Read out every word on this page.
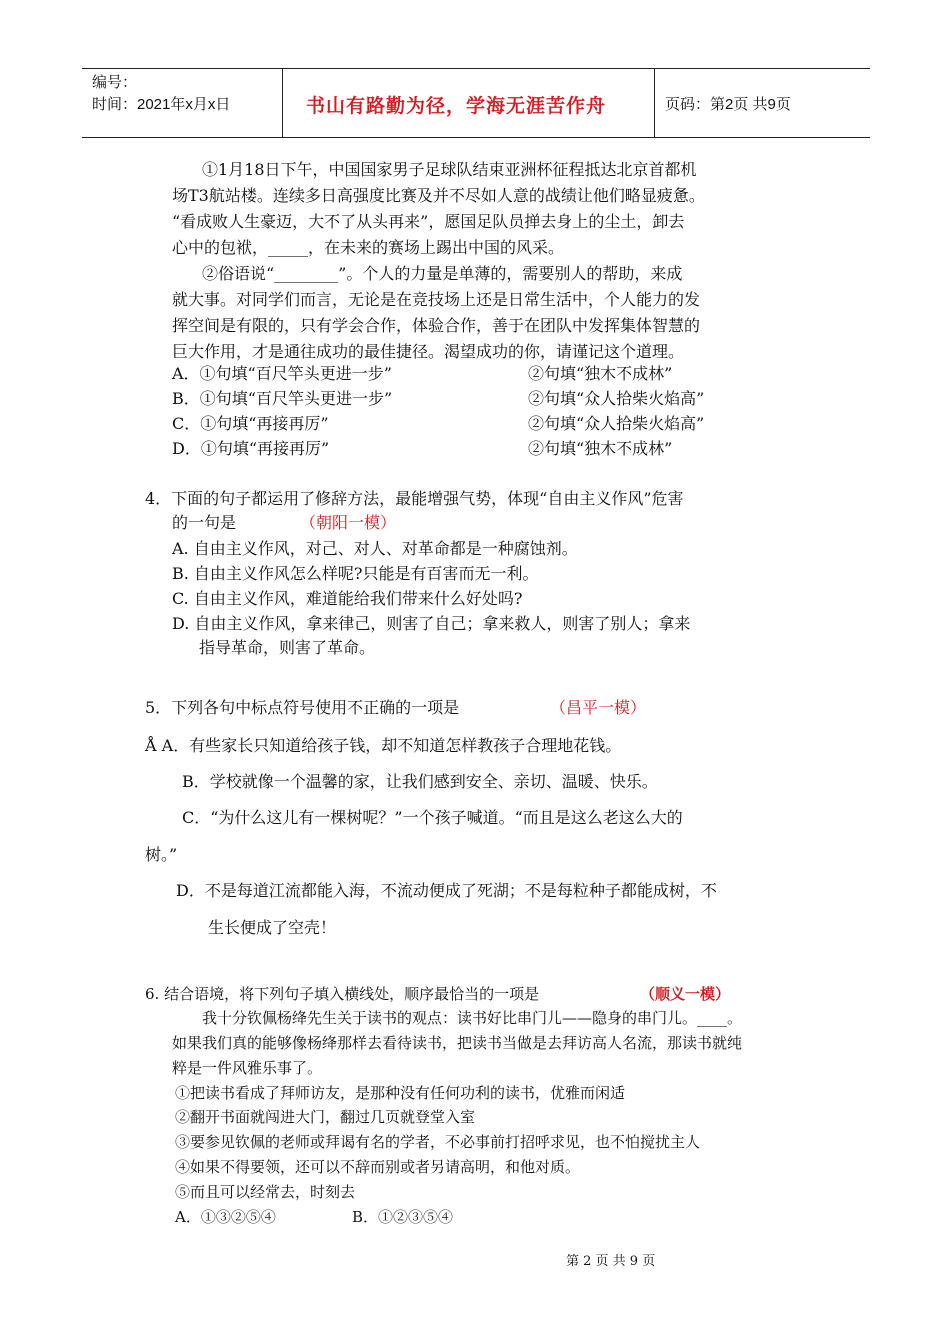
编号：
时间：2021年x月x日	书山有路勤为径，学海无涯苦作舟	页码：第2页 共9页
①1月18日下午，中国国家男子足球队结束亚洲杯征程抵达北京首都机
场T3航站楼。连续多日高强度比赛及并不尽如人意的战绩让他们略显疲惫。
“看成败人生豪迈，大不了从头再来”，愿国足队员掸去身上的尘土，卸去
心中的包袱，_____，在未来的赛场上踢出中国的风采。
②俗语说“________”。个人的力量是单薄的，需要别人的帮助，来成
就大事。对同学们而言，无论是在竞技场上还是日常生活中，个人能力的发
挥空间是有限的，只有学会合作，体验合作，善于在团队中发挥集体智慧的
巨大作用，才是通往成功的最佳捷径。渴望成功的你，请谨记这个道理。
A．①句填“百尺竿头更进一步”	②句填“独木不成林”
B．①句填“百尺竿头更进一步”	②句填“众人拾柴火焰高”
C．①句填“再接再厉”	②句填“众人拾柴火焰高”
D．①句填“再接再厉”	②句填“独木不成林”
4．下面的句子都运用了修辞方法，最能增强气势，体现“自由主义作风”危害
的一句是	（朝阳一模）
A. 自由主义作风，对己、对人、对革命都是一种腐蚀剂。
B. 自由主义作风怎么样呢?只能是有百害而无一利。
C. 自由主义作风，难道能给我们带来什么好处吗?
D. 自由主义作风，拿来律己，则害了自己；拿来救人，则害了别人；拿来
指导革命，则害了革命。
5．下列各句中标点符号使用不正确的一项是	（昌平一模）
Å A．有些家长只知道给孩子钱，却不知道怎样教孩子合理地花钱。
B．学校就像一个温馨的家，让我们感到安全、亲切、温暖、快乐。
C．“为什么这儿有一棵树呢？”一个孩子喊道。“而且是这么老这么大的
树。”
D．不是每道江流都能入海，不流动便成了死湖；不是每粒种子都能成树，不
生长便成了空壳！
6. 结合语境，将下列句子填入横线处，顺序最恰当的一项是	（顺义一模）
我十分钦佩杨绛先生关于读书的观点：读书好比串门儿——隐身的串门儿。____。
如果我们真的能够像杨绛那样去看待读书，把读书当做是去拜访高人名流，那读书就纯
粹是一件风雅乐事了。
①把读书看成了拜师访友，是那种没有任何功利的读书，优雅而闲适
②翻开书面就闯进大门，翻过几页就登堂入室
③要参见钦佩的老师或拜谒有名的学者，不必事前打招呼求见，也不怕搅扰主人
④如果不得要领，还可以不辞而别或者另请高明，和他对质。
⑤而且可以经常去，时刻去
A．①③②⑤④	B．①②③⑤④
第 2 页 共 9 页
